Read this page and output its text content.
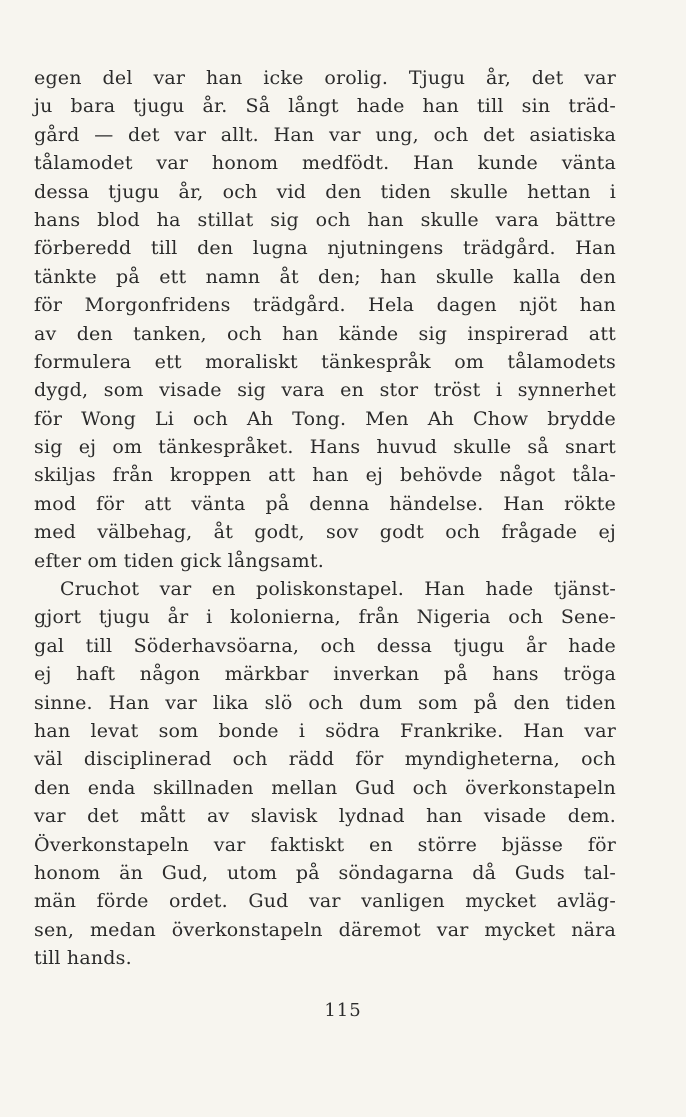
egen del var han icke orolig. Tjugu år, det var
ju bara tjugu år. Så långt hade han till sin träd-
gård — det var allt. Han var ung, och det asiatiska
tålamodet var honom medfödt. Han kunde vänta
dessa tjugu år, och vid den tiden skulle hettan i
hans blod ha stillat sig och han skulle vara bättre
förberedd till den lugna njutningens trädgård. Han
tänkte på ett namn åt den; han skulle kalla den
för Morgonfridens trädgård. Hela dagen njöt han
av den tanken, och han kände sig inspirerad att
formulera ett moraliskt tänkespråk om tålamodets
dygd, som visade sig vara en stor tröst i synnerhet
för Wong Li och Ah Tong. Men Ah Chow brydde
sig ej om tänkespråket. Hans huvud skulle så snart
skiljas från kroppen att han ej behövde något tåla-
mod för att vänta på denna händelse. Han rökte
med välbehag, åt godt, sov godt och frågade ej
efter om tiden gick långsamt.
Cruchot var en poliskonstapel. Han hade tjänst-
gjort tjugu år i kolonierna, från Nigeria och Sene-
gal till Söderhavsöarna, och dessa tjugu år hade
ej haft någon märkbar inverkan på hans tröga
sinne. Han var lika slö och dum som på den tiden
han levat som bonde i södra Frankrike. Han var
väl disciplinerad och rädd för myndigheterna, och
den enda skillnaden mellan Gud och överkonstapeln
var det mått av slavisk lydnad han visade dem.
Överkonstapeln var faktiskt en större bjässe för
honom än Gud, utom på söndagarna då Guds tal-
män förde ordet. Gud var vanligen mycket avläg-
sen, medan överkonstapeln däremot var mycket nära
till hands.
115
